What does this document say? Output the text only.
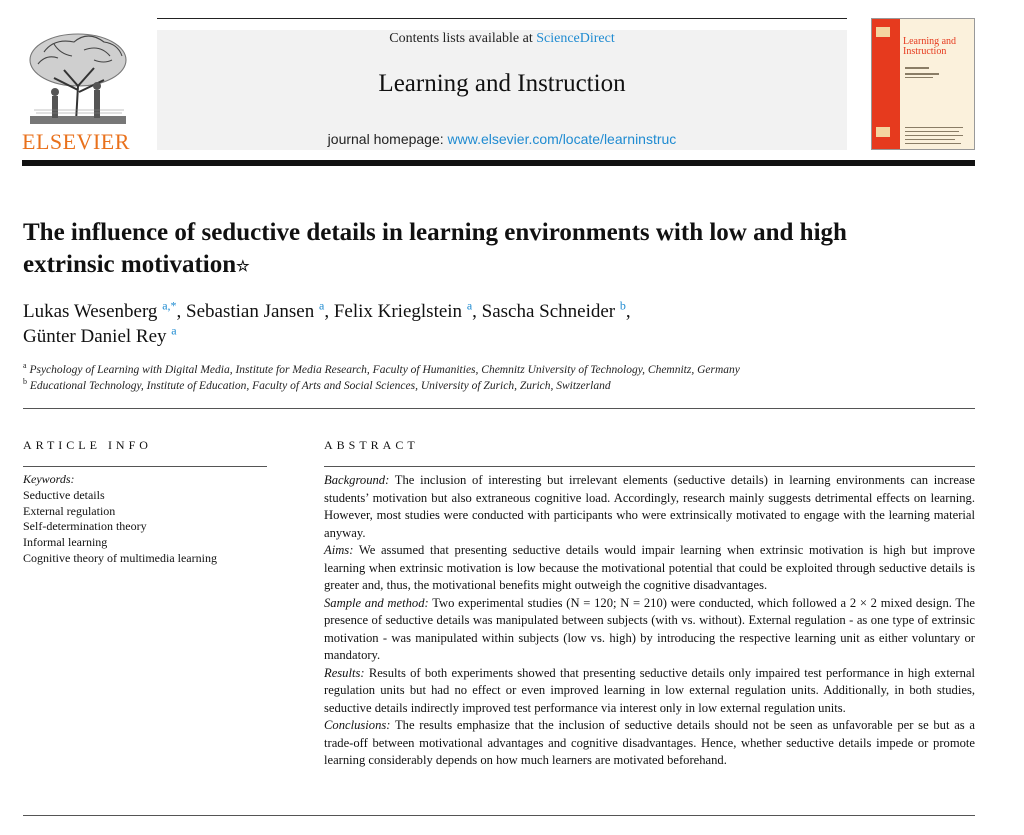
ELSEVIER
Contents lists available at ScienceDirect
Learning and Instruction
journal homepage: www.elsevier.com/locate/learninstruc
Learning and Instruction
The influence of seductive details in learning environments with low and high extrinsic motivation☆
Lukas Wesenberg $^{a,*}$, Sebastian Jansen $^a$, Felix Krieglstein $^a$, Sascha Schneider $^b$,
Günter Daniel Rey $^a$
$^a$ Psychology of Learning with Digital Media, Institute for Media Research, Faculty of Humanities, Chemnitz University of Technology, Chemnitz, Germany
$^b$ Educational Technology, Institute of Education, Faculty of Arts and Social Sciences, University of Zurich, Zurich, Switzerland
ARTICLE INFO
Keywords:
Seductive details
External regulation
Self-determination theory
Informal learning
Cognitive theory of multimedia learning
ABSTRACT

Background: The inclusion of interesting but irrelevant elements (seductive details) in learning environments can increase students’ motivation but also extraneous cognitive load. Accordingly, research mainly suggests detrimental effects on learning. However, most studies were conducted with participants who were extrinsically motivated to engage with the learning material anyway.

Aims: We assumed that presenting seductive details would impair learning when extrinsic motivation is high but improve learning when extrinsic motivation is low because the motivational potential that could be exploited through seductive details is greater and, thus, the motivational benefits might outweigh the cognitive disadvantages.

Sample and method: Two experimental studies (N = 120; N = 210) were conducted, which followed a 2 × 2 mixed design. The presence of seductive details was manipulated between subjects (with vs. without). External regulation - as one type of extrinsic motivation - was manipulated within subjects (low vs. high) by introducing the respective learning unit as either voluntary or mandatory.

Results: Results of both experiments showed that presenting seductive details only impaired test performance in high external regulation units but had no effect or even improved learning in low external regulation units. Additionally, in both studies, seductive details indirectly improved test performance via interest only in low external regulation units.

Conclusions: The results emphasize that the inclusion of seductive details should not be seen as unfavorable per se but as a trade-off between motivational advantages and cognitive disadvantages. Hence, whether seductive details impede or promote learning considerably depends on how much learners are motivated beforehand.
